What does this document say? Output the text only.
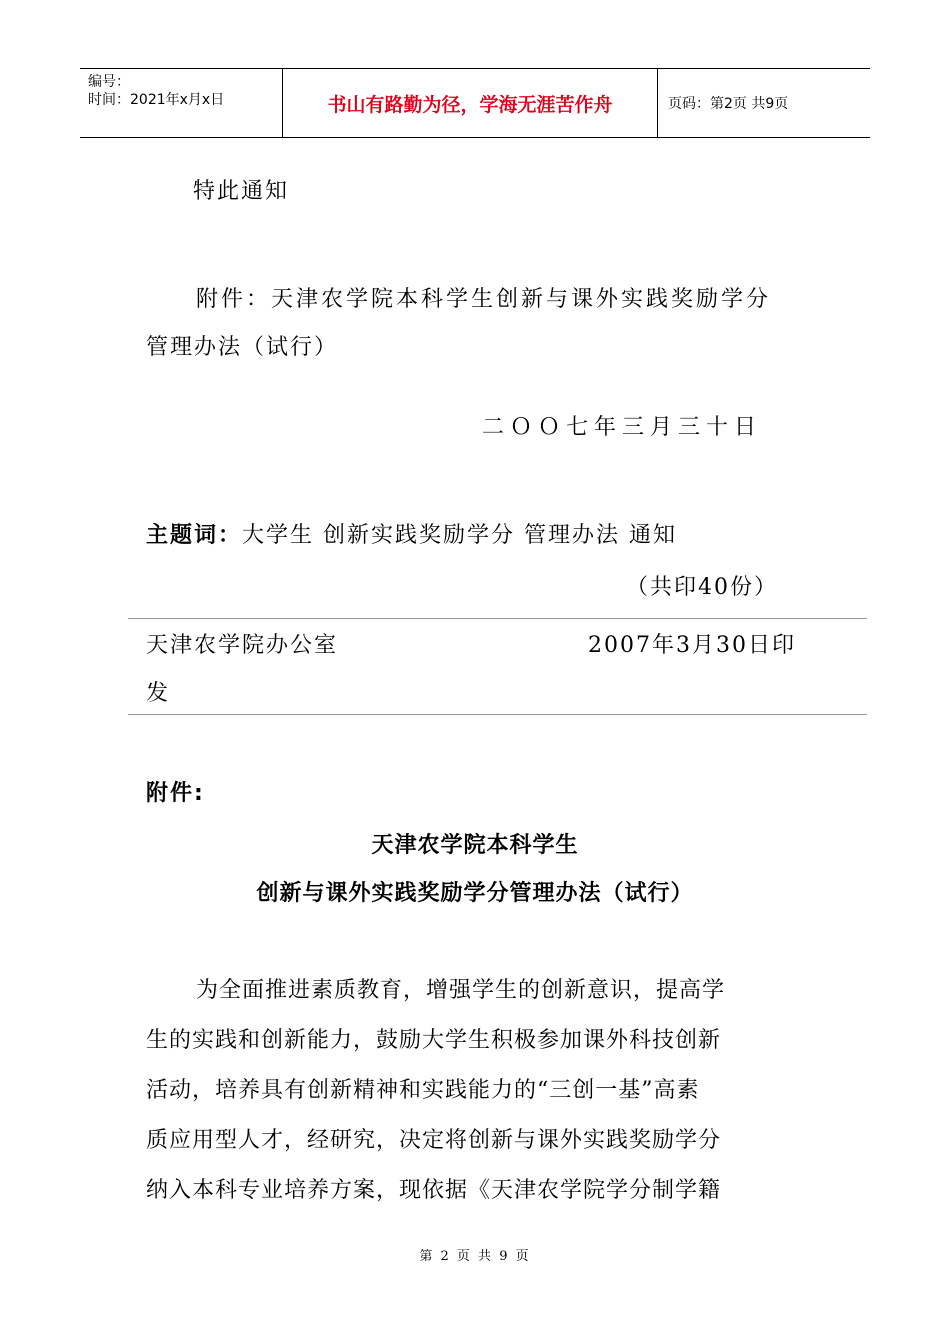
编号：
时间：2021年x月x日	书山有路勤为径，学海无涯苦作舟	页码：第2页 共9页
特此通知
附件：天津农学院本科学生创新与课外实践奖励学分
管理办法（试行）
二ＯＯ七年三月三十日
主题词：大学生 创新实践奖励学分 管理办法 通知
（共印40份）
天津农学院办公室	2007年3月30日印
发
附件:
天津农学院本科学生
创新与课外实践奖励学分管理办法（试行）

为全面推进素质教育，增强学生的创新意识，提高学

生的实践和创新能力，鼓励大学生积极参加课外科技创新

活动，培养具有创新精神和实践能力的“三创一基”高素

质应用型人才，经研究，决定将创新与课外实践奖励学分

纳入本科专业培养方案，现依据《天津农学院学分制学籍

第 2 页 共 9 页
